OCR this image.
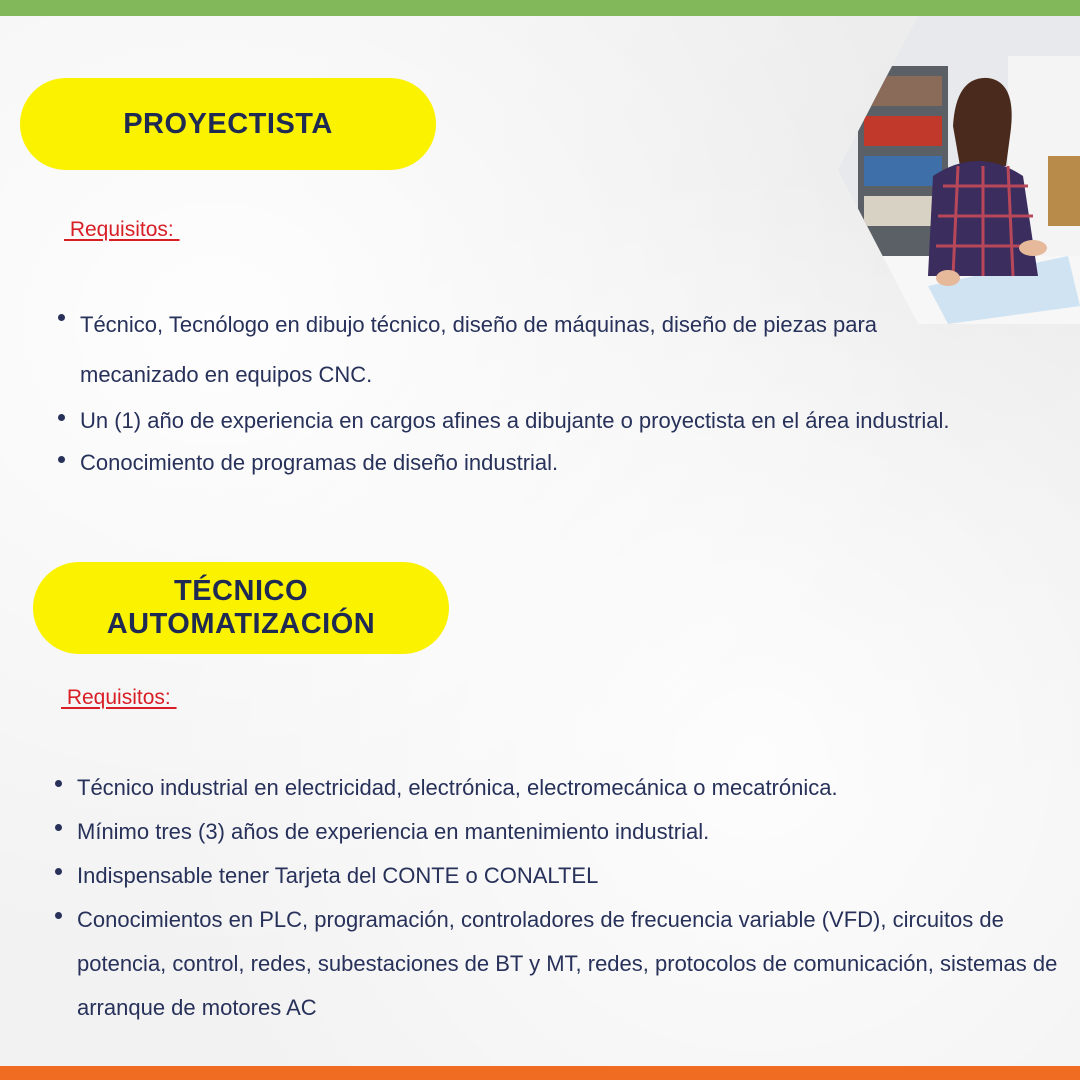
PROYECTISTA
Requisitos:
Técnico, Tecnólogo en dibujo técnico, diseño de máquinas, diseño de piezas para mecanizado en equipos CNC.
Un (1) año de experiencia en cargos afines a dibujante o proyectista en el área industrial.
Conocimiento de programas de diseño industrial.
TÉCNICO
AUTOMATIZACIÓN
Requisitos:
Técnico industrial en electricidad, electrónica, electromecánica o mecatrónica.
Mínimo tres (3) años de experiencia en mantenimiento industrial.
Indispensable tener Tarjeta del CONTE o CONALTEL
Conocimientos en PLC, programación, controladores de frecuencia variable (VFD), circuitos de potencia, control, redes, subestaciones de BT y MT, redes, protocolos de comunicación, sistemas de arranque de motores AC
